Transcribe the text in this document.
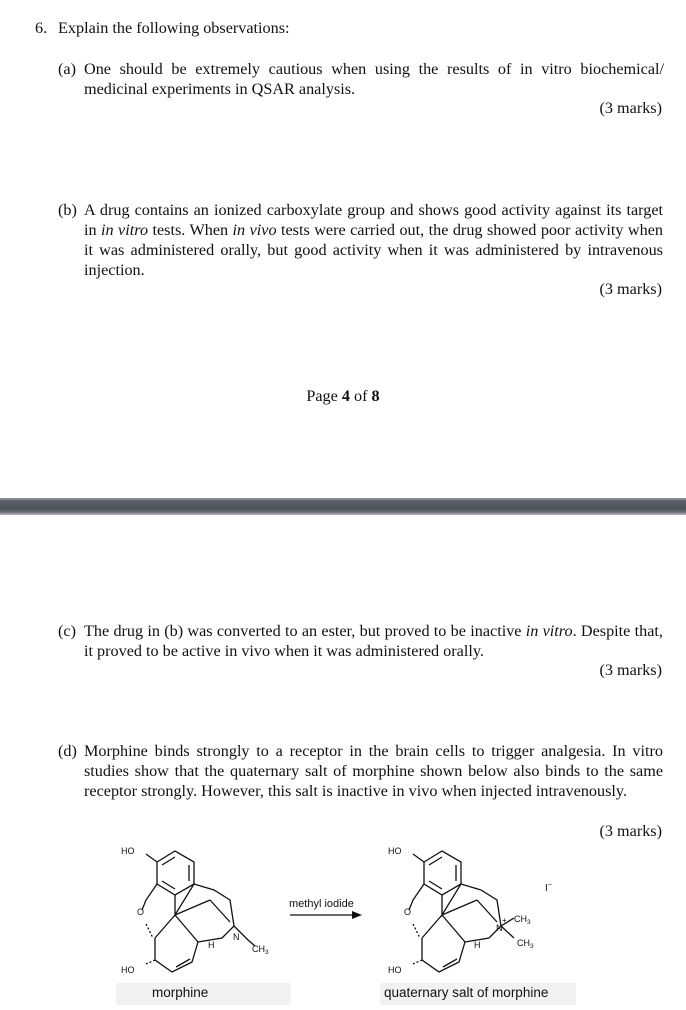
6. Explain the following observations:
(a) One should be extremely cautious when using the results of in vitro biochemical/ medicinal experiments in QSAR analysis.
(3 marks)
(b) A drug contains an ionized carboxylate group and shows good activity against its target in in vitro tests. When in vivo tests were carried out, the drug showed poor activity when it was administered orally, but good activity when it was administered by intravenous injection.
(3 marks)
Page 4 of 8
(c) The drug in (b) was converted to an ester, but proved to be inactive in vitro. Despite that, it proved to be active in vivo when it was administered orally.
(3 marks)
(d) Morphine binds strongly to a receptor in the brain cells to trigger analgesia. In vitro studies show that the quaternary salt of morphine shown below also binds to the same receptor strongly. However, this salt is inactive in vivo when injected intravenously.
(3 marks)
HO
O
HO
H
N
$CH_3$
methyl iodide
HO
O
HO
H
N
+ $CH_3$
$CH_3$
I−
morphine	quaternary salt of morphine
